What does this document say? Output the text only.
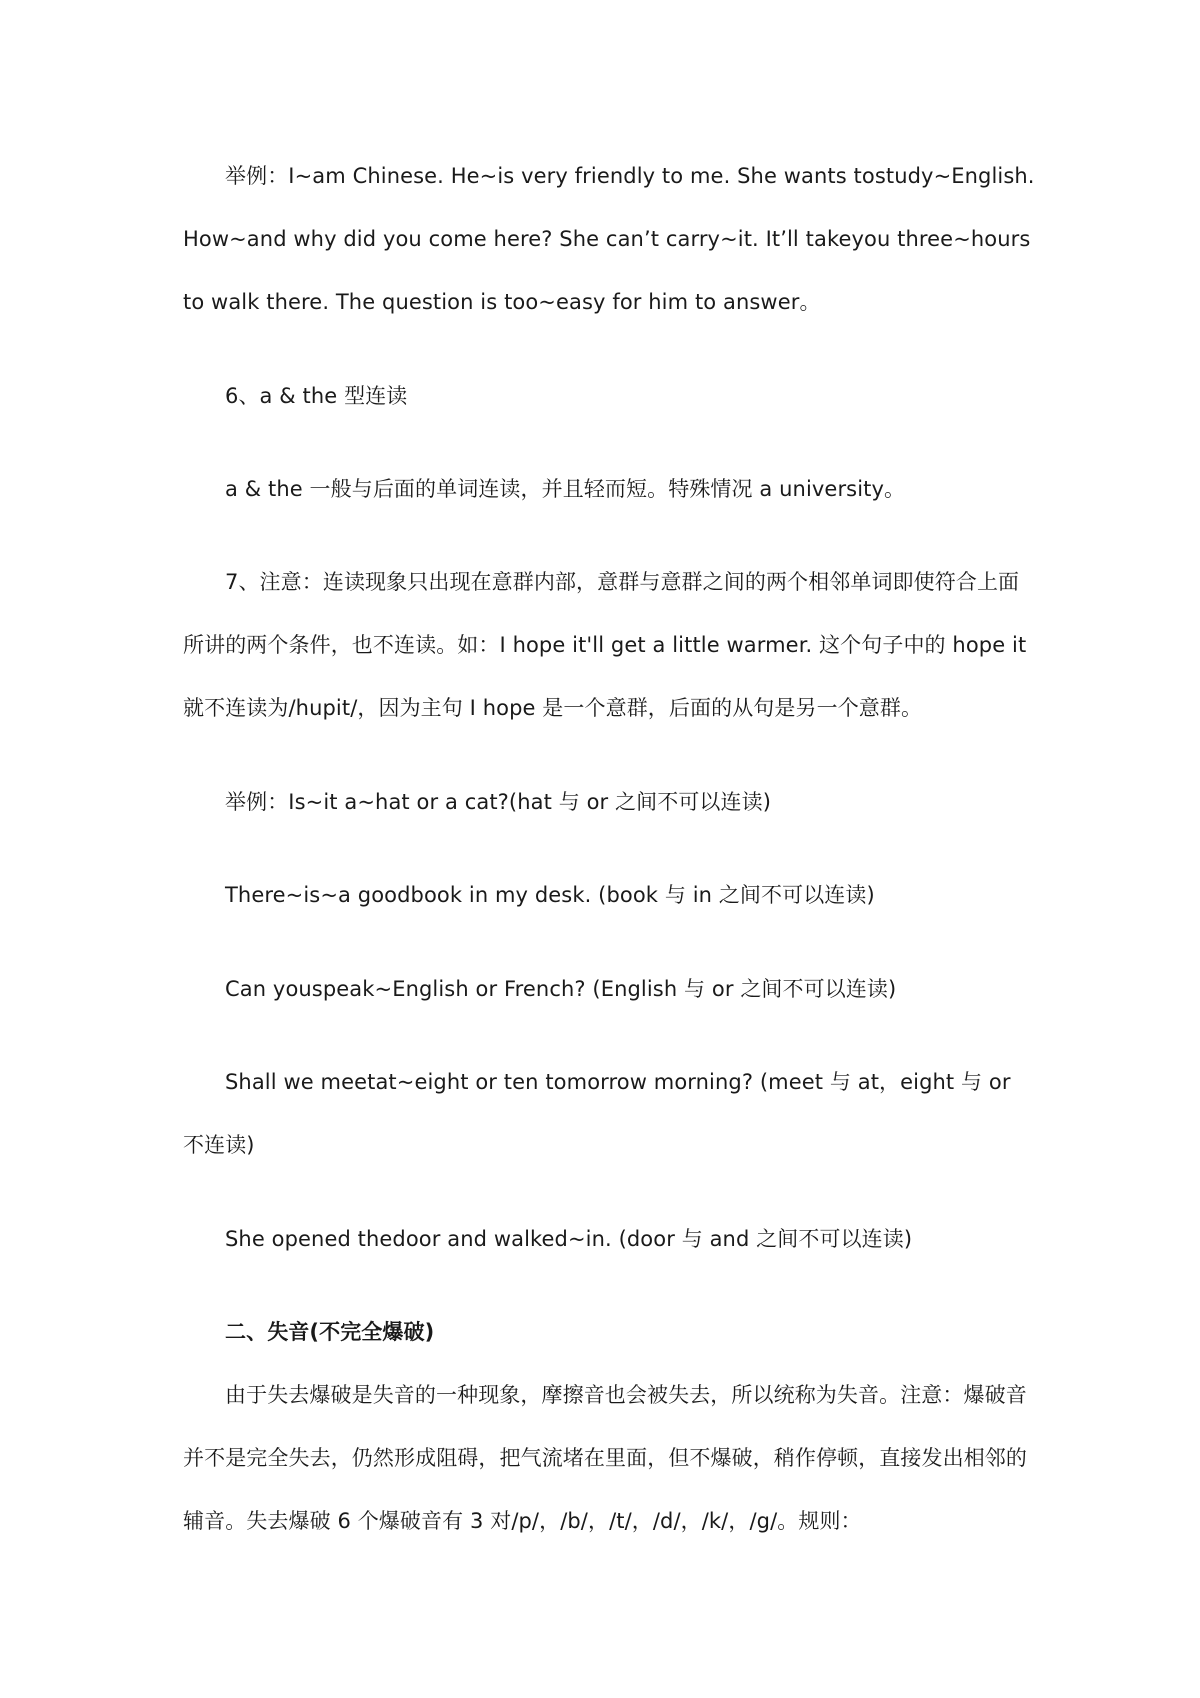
举例：I~am Chinese. He~is very friendly to me. She wants tostudy~English.
How~and why did you come here? She can’t carry~it. It’ll takeyou three~hours
to walk there. The question is too~easy for him to answer。
6、a & the 型连读
a & the 一般与后面的单词连读，并且轻而短。特殊情况 a university。
7、注意：连读现象只出现在意群内部，意群与意群之间的两个相邻单词即使符合上面
所讲的两个条件，也不连读。如：I hope it'll get a little warmer. 这个句子中的 hope it
就不连读为/hupit/，因为主句 I hope 是一个意群，后面的从句是另一个意群。
举例：Is~it a~hat or a cat?(hat 与 or 之间不可以连读)
There~is~a goodbook in my desk. (book 与 in 之间不可以连读)
Can youspeak~English or French? (English 与 or 之间不可以连读)
Shall we meetat~eight or ten tomorrow morning? (meet 与 at，eight 与 or
不连读)
She opened thedoor and walked~in. (door 与 and 之间不可以连读)
二、失音(不完全爆破)
由于失去爆破是失音的一种现象，摩擦音也会被失去，所以统称为失音。注意：爆破音
并不是完全失去，仍然形成阻碍，把气流堵在里面，但不爆破，稍作停顿，直接发出相邻的
辅音。失去爆破 6 个爆破音有 3 对/p/，/b/，/t/，/d/，/k/，/g/。规则：
